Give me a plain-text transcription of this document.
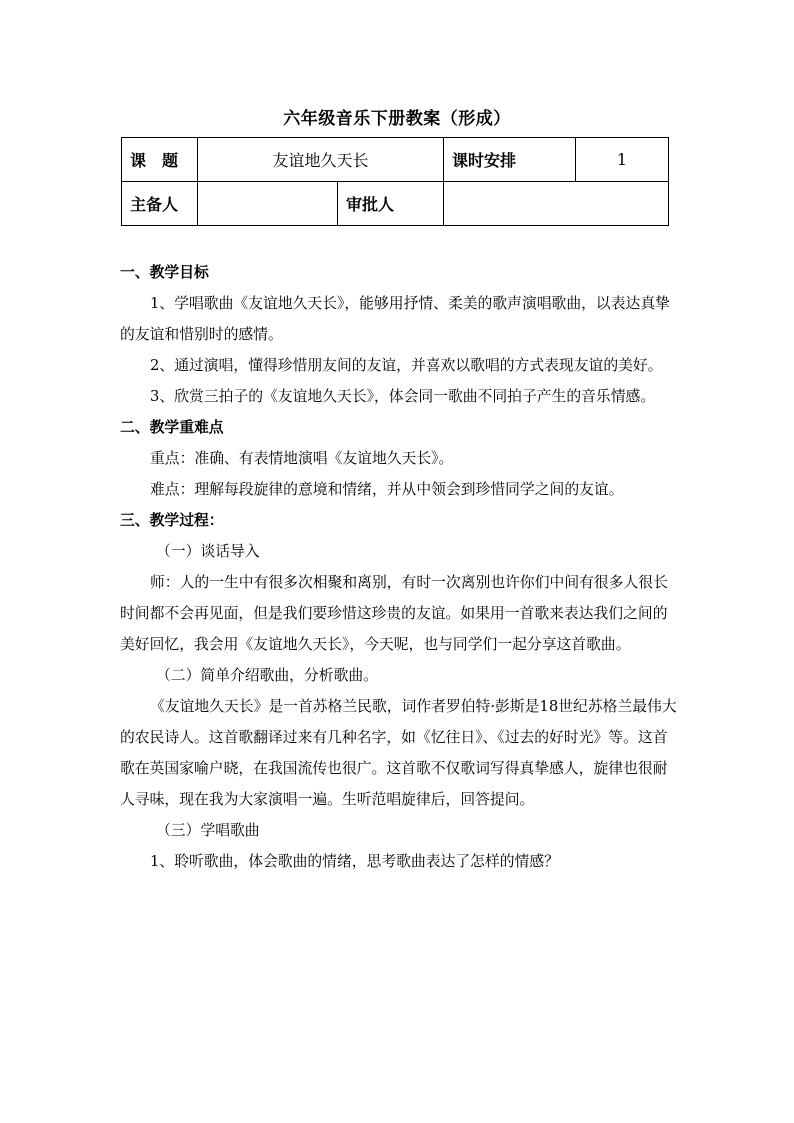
六年级音乐下册教案（形成）
课　题	友谊地久天长		课时安排	1
主备人		审批人		

一、教学目标

1、学唱歌曲《友谊地久天长》，能够用抒情、柔美的歌声演唱歌曲，以表达真挚的友谊和惜别时的感情。

2、通过演唱，懂得珍惜朋友间的友谊，并喜欢以歌唱的方式表现友谊的美好。

3、欣赏三拍子的《友谊地久天长》，体会同一歌曲不同拍子产生的音乐情感。

二、教学重难点

重点：准确、有表情地演唱《友谊地久天长》。

难点：理解每段旋律的意境和情绪，并从中领会到珍惜同学之间的友谊。

三、教学过程：

（一）谈话导入

师：人的一生中有很多次相聚和离别，有时一次离别也许你们中间有很多人很长时间都不会再见面，但是我们要珍惜这珍贵的友谊。如果用一首歌来表达我们之间的美好回忆，我会用《友谊地久天长》，今天呢，也与同学们一起分享这首歌曲。

（二）简单介绍歌曲，分析歌曲。

《友谊地久天长》是一首苏格兰民歌，词作者罗伯特·彭斯是18世纪苏格兰最伟大的农民诗人。这首歌翻译过来有几种名字，如《忆往日》、《过去的好时光》等。这首歌在英国家喻户晓，在我国流传也很广。这首歌不仅歌词写得真挚感人，旋律也很耐人寻味，现在我为大家演唱一遍。生听范唱旋律后，回答提问。

（三）学唱歌曲

1、聆听歌曲，体会歌曲的情绪，思考歌曲表达了怎样的情感？
